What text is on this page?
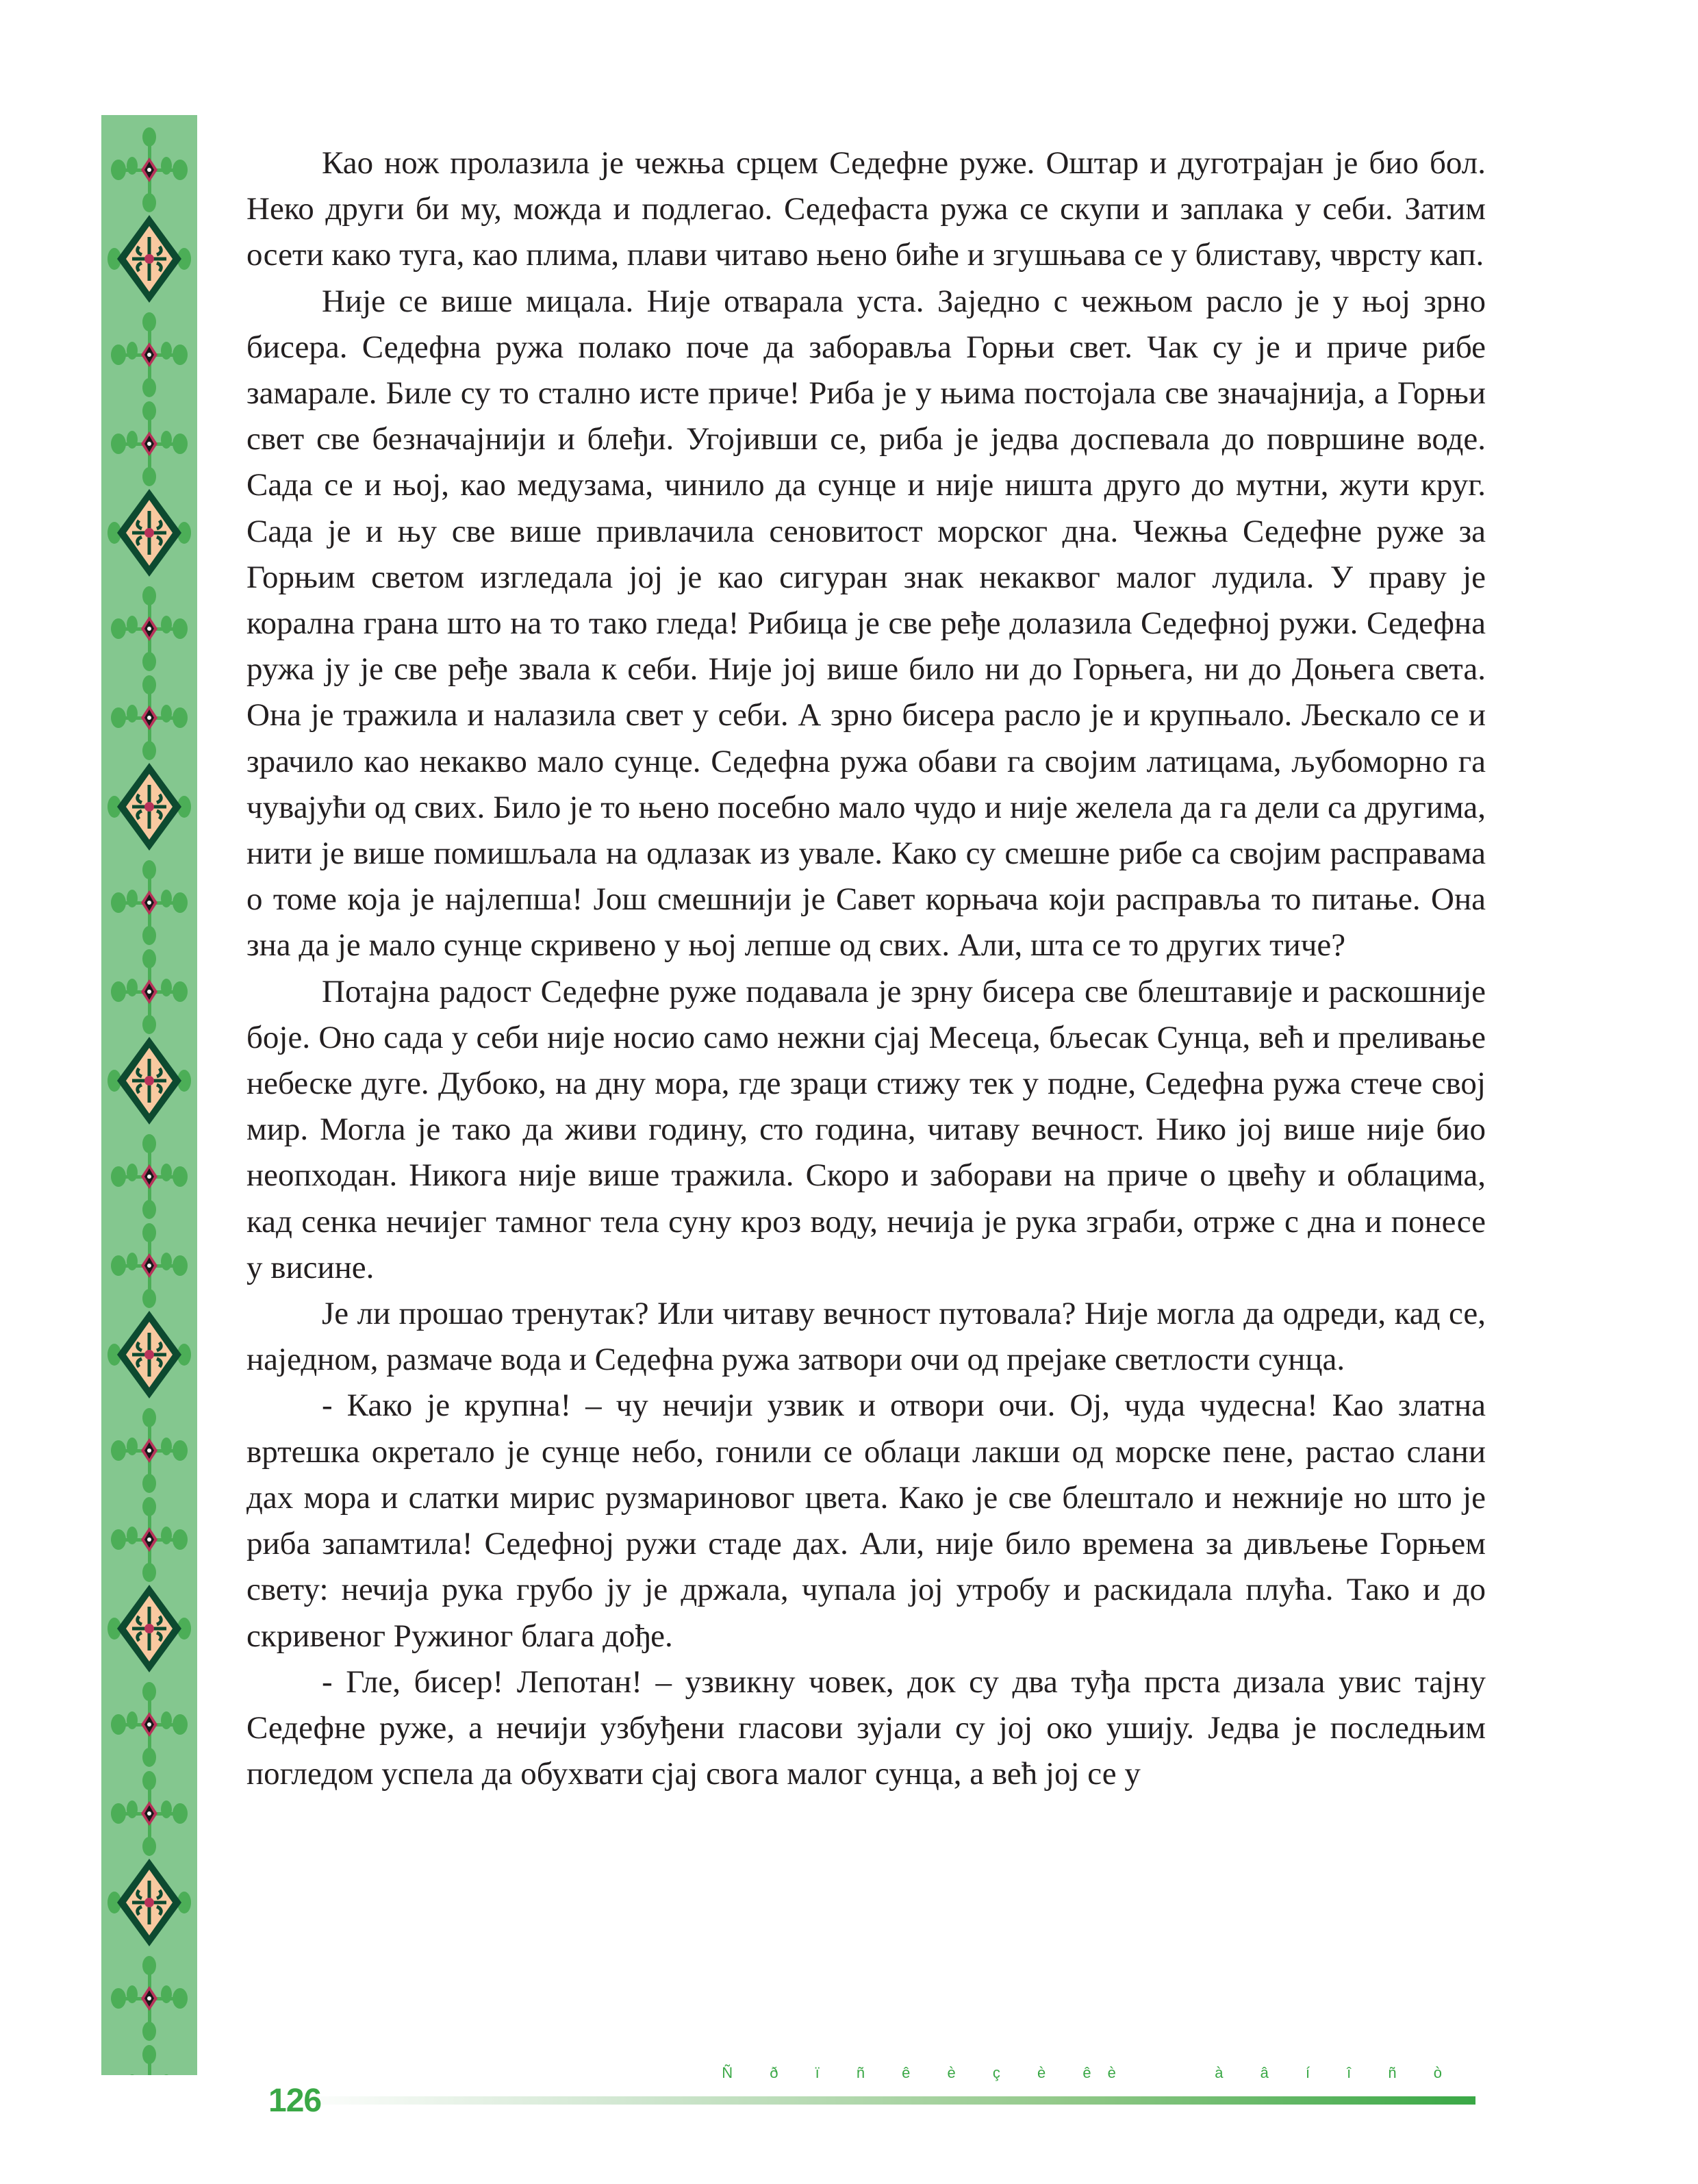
Као нож пролазила је чежња срцем Седефне руже. Оштар и дуготрајан је био бол. Неко други би му, можда и подлегао. Седефаста ружа се скупи и заплака у себи. Затим осети како туга, као плима, плави читаво њено биће и згушњава се у блиставу, чврсту кап.

Није се више мицала. Није отварала уста. Заједно с чежњом расло је у њој зрно бисера. Седефна ружа полако поче да заборавља Горњи свет. Чак су је и приче рибе замарале. Биле су то стално исте приче! Риба је у њима постојала све значајнија, а Горњи свет све безначајнији и блеђи. Угојивши се, риба је једва доспевала до површине воде. Сада се и њој, као медузама, чинило да сунце и није ништа друго до мутни, жути круг. Сада је и њу све више привлачила сеновитост морског дна. Чежња Седефне руже за Горњим светом изгледала јој је као сигуран знак некаквог малог лудила. У праву је корална грана што на то тако гледа! Рибица је све ређе долазила Седефној ружи. Седефна ружа ју је све ређе звала к себи. Није јој више било ни до Горњега, ни до Доњега света. Она је тражила и налазила свет у себи. А зрно бисера расло је и крупњало. Љескало се и зрачило као некакво мало сунце. Седефна ружа обави га својим латицама, љубоморно га чувајући од свих. Било је то њено посебно мало чудо и није желела да га дели са другима, нити је више помишљала на одлазак из увале. Како су смешне рибе са својим расправама о томе која је најлепша! Још смешнији је Савет корњача који расправља то питање. Она зна да је мало сунце скривено у њој лепше од свих. Али, шта се то других тиче?

Потајна радост Седефне руже подавала је зрну бисера све блештавије и раскошније боје. Оно сада у себи није носио само нежни сјај Месеца, бљесак Сунца, већ и преливање небеске дуге. Дубоко, на дну мора, где зраци стижу тек у подне, Седефна ружа стече свој мир. Могла је тако да живи годину, сто година, читаву вечност. Нико јој више није био неопходан. Никога није више тражила. Скоро и заборави на приче о цвећу и облацима, кад сенка нечијег тамног тела суну кроз воду, нечија је рука зграби, отрже с дна и понесе у висине.

Је ли прошао тренутак? Или читаву вечност путовала? Није могла да одреди, кад се, наједном, размаче вода и Седефна ружа затвори очи од прејаке светлости сунца.

- Како је крупна! – чу нечији узвик и отвори очи. Ој, чуда чудесна! Као златна вртешка окретало је сунце небо, гонили се облаци лакши од морске пене, растао слани дах мора и слатки мирис рузмариновог цвета. Како је све блештало и нежније но што је риба запамтила! Седефној ружи стаде дах. Али, није било времена за дивљење Горњем свету: нечија рука грубо ју је држала, чупала јој утробу и раскидала плућа. Тако и до скривеног Ружиног блага дође.

- Гле, бисер! Лепотан! – узвикну човек, док су два туђа прста дизала увис тајну Седефне руже, а нечији узбуђени гласови зујали су јој око ушију. Једва је последњим погледом успела да обухвати сјај свога малог сунца, а већ јој се у

Ñ ð ï ñ ê è ç è êè    à â í î ñ ò
126
